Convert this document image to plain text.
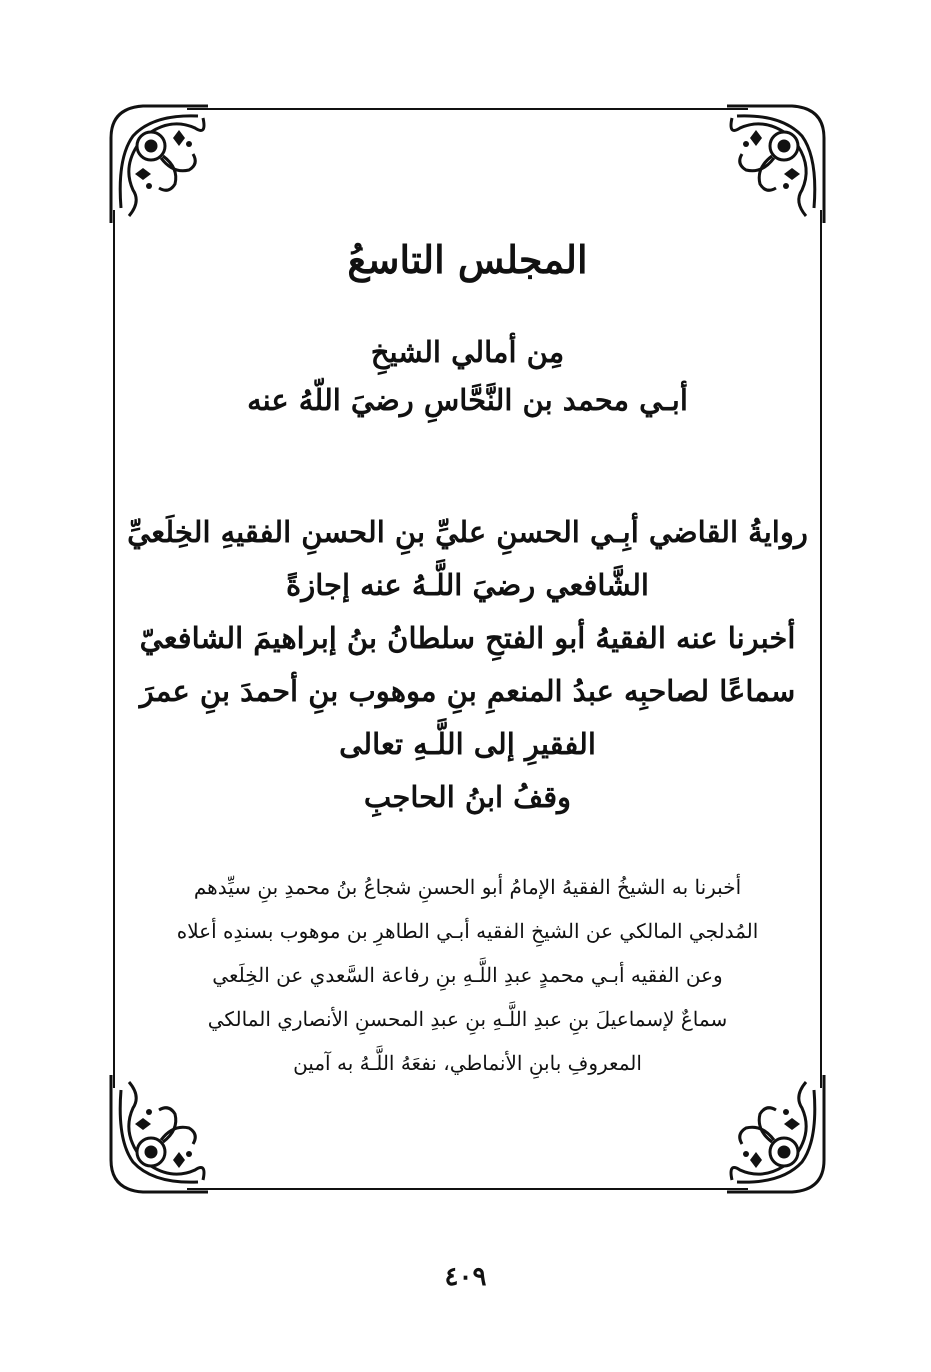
المجلس التاسعُ

مِن أمالي الشيخِ

أبـي محمد بن النَّحَّاسِ رضيَ اللّهُ عنه

روايةُ القاضي أبِـي الحسنِ عليِّ بنِ الحسنِ الفقيهِ الخِلَعيِّ

الشَّافعي رضيَ اللَّـهُ عنه إجازةً

أخبرنا عنه الفقيهُ أبو الفتحِ سلطانُ بنُ إبراهيمَ الشافعيّ

سماعًا لصاحبِه عبدُ المنعمِ بنِ موهوب بنِ أحمدَ بنِ عمرَ

الفقيرِ إلى اللَّـهِ تعالى

وقفُ ابنُ الحاجبِ

أخبرنا به الشيخُ الفقيهُ الإمامُ أبو الحسنِ شجاعُ بنُ محمدِ بنِ سيِّدهم

المُدلجي المالكي عن الشيخِ الفقيه أبـي الطاهرِ بن موهوب بسندِه أعلاه

وعن الفقيه أبـي محمدٍ عبدِ اللَّـهِ بنِ رفاعة السَّعدي عن الخِلَعي

سماعٌ لإسماعيلَ بنِ عبدِ اللَّـهِ بنِ عبدِ المحسنِ الأنصاري المالكي

المعروفِ بابنِ الأنماطي، نفعَهُ اللَّـهُ به آمين

٤٠٩
